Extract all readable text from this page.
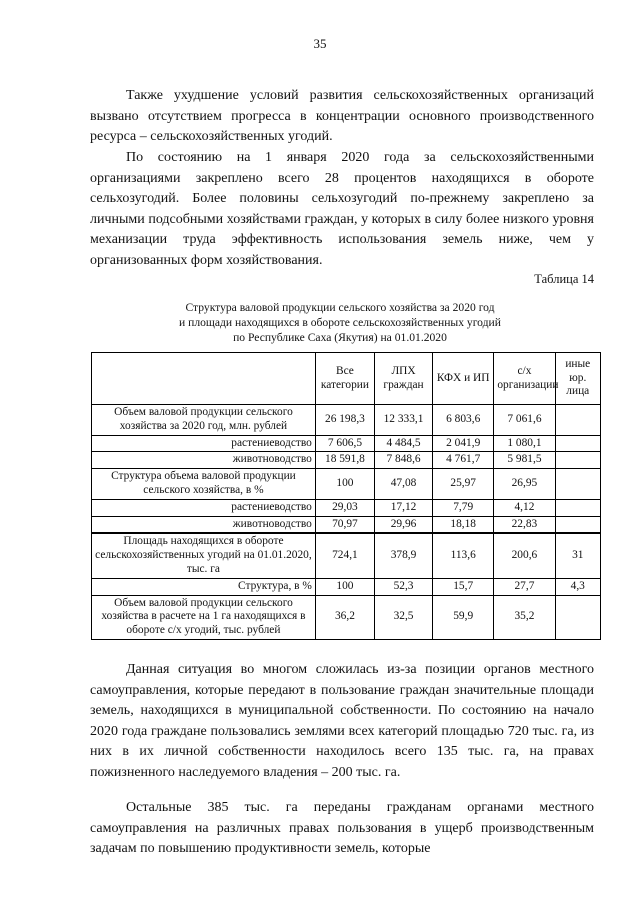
35

Также ухудшение условий развития сельскохозяйственных организаций вызвано отсутствием прогресса в концентрации основного производственного ресурса – сельскохозяйственных угодий.

По состоянию на 1 января 2020 года за сельскохозяйственными организациями закреплено всего 28 процентов находящихся в обороте сельхозугодий. Более половины сельхозугодий по-прежнему закреплено за личными подсобными хозяйствами граждан, у которых в силу более низкого уровня механизации труда эффективность использования земель ниже, чем у организованных форм хозяйствования.

Таблица 14
Структура валовой продукции сельского хозяйства за 2020 год
и площади находящихся в обороте сельскохозяйственных угодий
по Республике Саха (Якутия) на 01.01.2020
	Все категории	ЛПХ граждан	КФХ и ИП	с/х организации	иные юр. лица
Объем валовой продукции сельского хозяйства за 2020 год, млн. рублей	26 198,3	12 333,1	6 803,6	7 061,6	
растениеводство	7 606,5	4 484,5	2 041,9	1 080,1	
животноводство	18 591,8	7 848,6	4 761,7	5 981,5	
Структура объема валовой продукции сельского хозяйства, в %	100	47,08	25,97	26,95	
растениеводство	29,03	17,12	7,79	4,12	
животноводство	70,97	29,96	18,18	22,83	
Площадь находящихся в обороте сельскохозяйственных угодий на 01.01.2020, тыс. га	724,1	378,9	113,6	200,6	31
Структура, в %	100	52,3	15,7	27,7	4,3
Объем валовой продукции сельского хозяйства в расчете на 1 га находящихся в обороте с/х угодий, тыс. рублей	36,2	32,5	59,9	35,2	

Данная ситуация во многом сложилась из-за позиции органов местного самоуправления, которые передают в пользование граждан значительные площади земель, находящихся в муниципальной собственности. По состоянию на начало 2020 года граждане пользовались землями всех категорий площадью 720 тыс. га, из них в их личной собственности находилось всего 135 тыс. га, на правах пожизненного наследуемого владения – 200 тыс. га.

Остальные 385 тыс. га переданы гражданам органами местного самоуправления на различных правах пользования в ущерб производственным задачам по повышению продуктивности земель, которые
